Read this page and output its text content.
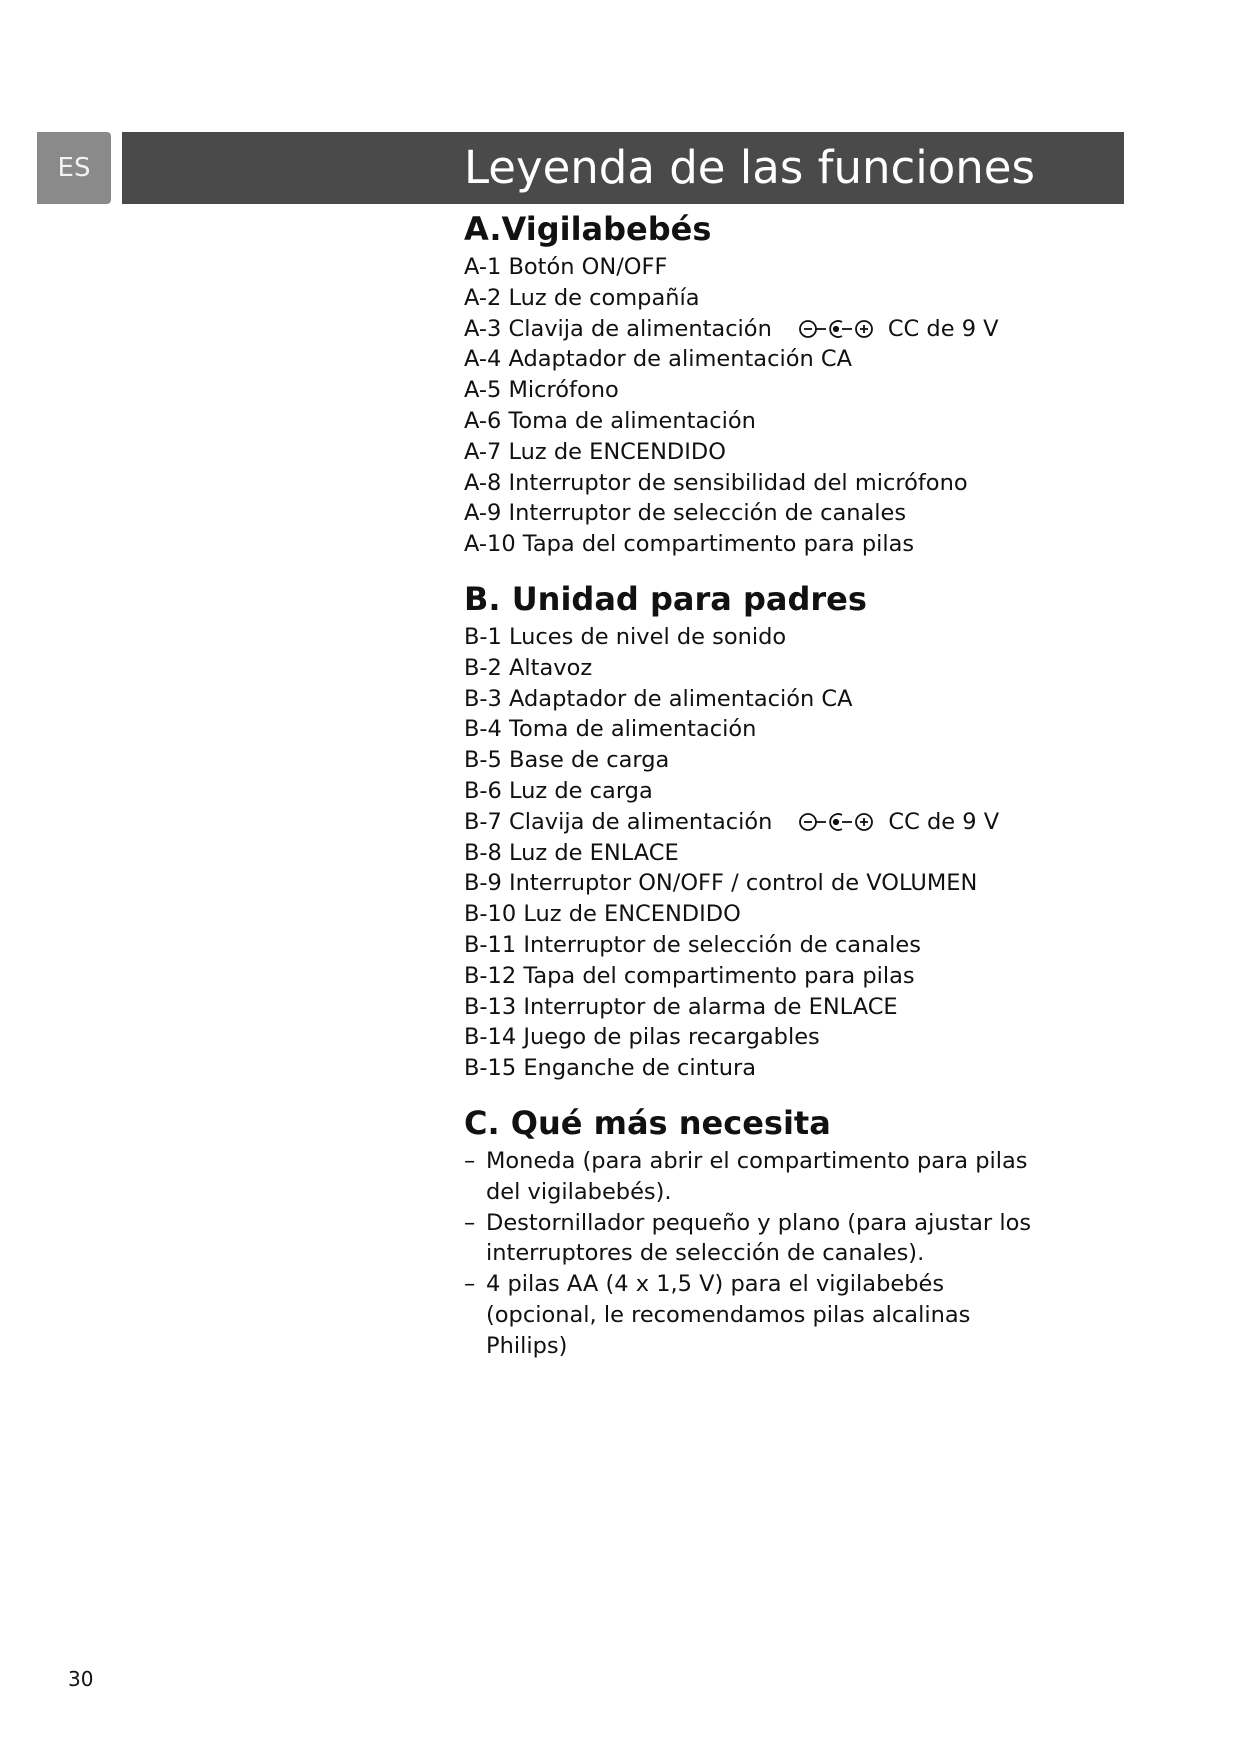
ES	Leyenda de las funciones
A.Vigilabebés
A-1 Botón ON/OFF
A-2 Luz de compañía
A-3 Clavija de alimentación	CC de 9 V
A-4 Adaptador de alimentación CA
A-5 Micrófono
A-6 Toma de alimentación
A-7 Luz de ENCENDIDO
A-8 Interruptor de sensibilidad del micrófono
A-9 Interruptor de selección de canales
A-10 Tapa del compartimento para pilas
B. Unidad para padres
B-1 Luces de nivel de sonido
B-2 Altavoz
B-3 Adaptador de alimentación CA
B-4 Toma de alimentación
B-5 Base de carga
B-6 Luz de carga
B-7 Clavija de alimentación	CC de 9 V
B-8 Luz de ENLACE
B-9 Interruptor ON/OFF / control de VOLUMEN
B-10 Luz de ENCENDIDO
B-11 Interruptor de selección de canales
B-12 Tapa del compartimento para pilas
B-13 Interruptor de alarma de ENLACE
B-14 Juego de pilas recargables
B-15 Enganche de cintura
C. Qué más necesita
– Moneda (para abrir el compartimento para pilas del vigilabebés).
– Destornillador pequeño y plano (para ajustar los interruptores de selección de canales).
– 4 pilas AA (4 x 1,5 V) para el vigilabebés (opcional, le recomendamos pilas alcalinas Philips)
30
